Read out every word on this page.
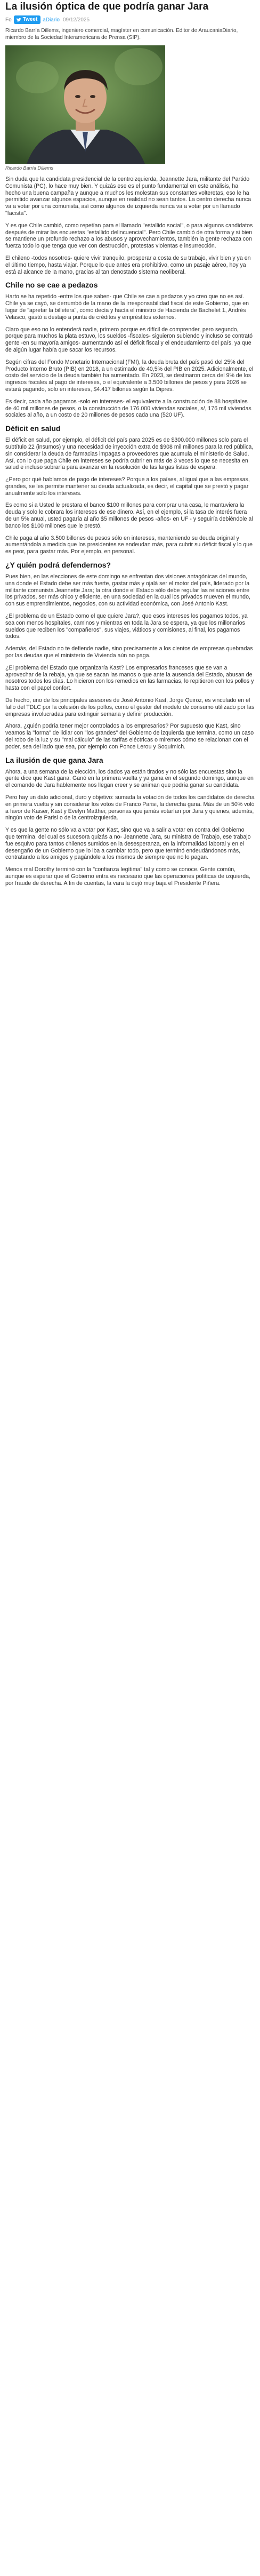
La ilusión óptica de que podría ganar Jara
Fo Tweet aDiario 09/12/2025

Ricardo Barría Dillems, ingeniero comercial, magíster en comunicación. Editor de AraucaniaDiario, miembro de la Sociedad Interamericana de Prensa (SIP).

Ricardo Barría Dillems

Sin duda que la candidata presidencial de la centroizquierda, Jeannette Jara, militante del Partido Comunista (PC), lo hace muy bien. Y quizás ese es el punto fundamental en este análisis, ha hecho una buena campaña y aunque a muchos les molestan sus constantes volteretas, eso le ha permitido avanzar algunos espacios, aunque en realidad no sean tantos. La centro derecha nunca va a votar por una comunista, así como algunos de izquierda nunca va a votar por un llamado "facista".

Y es que Chile cambió, como repetían para el llamado "estallido social", o para algunos candidatos después de mirar las encuestas "estallido delincuencial". Pero Chile cambió de otra forma y si bien se mantiene un profundo rechazo a los abusos y aprovechamientos, también la gente rechaza con fuerza todo lo que tenga que ver con destrucción, protestas violentas e insurrección.

El chileno -todos nosotros- quiere vivir tranquilo, prosperar a costa de su trabajo, vivir bien y ya en el último tiempo, hasta viajar. Porque lo que antes era prohibitivo, como un pasaje aéreo, hoy ya está al alcance de la mano, gracias al tan denostado sistema neoliberal.

Chile no se cae a pedazos

Harto se ha repetido -entre los que saben- que Chile se cae a pedazos y yo creo que no es así. Chile ya se cayó, se derrumbó de la mano de la irresponsabilidad fiscal de este Gobierno, que en lugar de "apretar la billetera", como decía y hacía el ministro de Hacienda de Bachelet 1, Andrés Velasco, gastó a destajo a punta de créditos y empréstitos externos.

Claro que eso no lo entenderá nadie, primero porque es difícil de comprender, pero segundo, porque para muchos la plata estuvo, los sueldos -fiscales- siguieron subiendo y incluso se contrató gente -en su mayoría amigos- aumentando así el déficit fiscal y el endeudamiento del país, ya que de algún lugar había que sacar los recursos.

Según cifras del Fondo Monetario Internacional (FMI), la deuda bruta del país pasó del 25% del Producto Interno Bruto (PIB) en 2018, a un estimado de 40,5% del PIB en 2025. Adicionalmente, el costo del servicio de la deuda también ha aumentado. En 2023, se destinaron cerca del 9% de los ingresos fiscales al pago de intereses, o el equivalente a 3.500 billones de pesos y para 2026 se estará pagando, solo en intereses, $4.417 billones según la Dipres.

Es decir, cada año pagamos -solo en intereses- el equivalente a la construcción de 88 hospitales de 40 mil millones de pesos, o la construcción de 176.000 viviendas sociales, s/, 176 mil viviendas sociales al año, a un costo de 20 millones de pesos cada una (520 UF).

Déficit en salud

El déficit en salud, por ejemplo, el déficit del país para 2025 es de $300.000 millones solo para el subtítulo 22 (insumos) y una necesidad de inyección extra de $908 mil millones para la red pública, sin considerar la deuda de farmacias impagas a proveedores que acumula el ministerio de Salud. Así, con lo que paga Chile en intereses se podría cubrir en más de 3 veces lo que se necesita en salud e incluso sobraría para avanzar en la resolución de las largas listas de espera.

¿Pero por qué hablamos de pago de intereses? Porque a los países, al igual que a las empresas, grandes, se les permite mantener su deuda actualizada, es decir, el capital que se prestó y pagar anualmente solo los intereses.

Es como si a Usted le prestara el banco $100 millones para comprar una casa, le mantuviera la deuda y solo le cobrara los intereses de ese dinero. Así, en el ejemplo, si la tasa de interés fuera de un 5% anual, usted pagaría al año $5 millones de pesos -años- en UF - y seguiría debiéndole al banco los $100 millones que le prestó.

Chile paga al año 3.500 billones de pesos sólo en intereses, manteniendo su deuda original y aumentándola a medida que los presidentes se endeudan más, para cubrir su déficit fiscal y lo que es peor, para gastar más. Por ejemplo, en personal.

¿Y quién podrá defendernos?

Pues bien, en las elecciones de este domingo se enfrentan dos visiones antagónicas del mundo, una donde el Estado debe ser más fuerte, gastar más y ojalá ser el motor del país, liderado por la militante comunista Jeannette Jara; la otra donde el Estado sólo debe regular las relaciones entre los privados, ser más chico y eficiente, en una sociedad en la cual los privados mueven el mundo, con sus emprendimientos, negocios, con su actividad económica, con José Antonio Kast.

¿El problema de un Estado como el que quiere Jara?, que esos intereses los pagamos todos, ya sea con menos hospitales, caminos y mientras en toda la Jara se espera, ya que los millonarios sueldos que reciben los "compañeros", sus viajes, viáticos y comisiones, al final, los pagamos todos.

Además, del Estado no te defiende nadie, sino precisamente a los cientos de empresas quebradas por las deudas que el ministerio de Vivienda aún no paga.

¿El problema del Estado que organizaría Kast? Los empresarios franceses que se van a aprovechar de la rebaja, ya que se sacan las manos o que ante la ausencia del Estado, abusan de nosotros todos los días. Lo hicieron con los remedios en las farmacias, lo repitieron con los pollos y hasta con el papel confort.

De hecho, uno de los principales asesores de José Antonio Kast, Jorge Quiroz, es vinculado en el fallo del TDLC por la colusión de los pollos, como el gestor del modelo de consumo utilizado por las empresas involucradas para extinguir semana y definir producción.

Ahora, ¿quién podría tener mejor controlados a los empresarios? Por supuesto que Kast, sino veamos la "forma" de lidiar con "los grandes" del Gobierno de izquierda que termina, como un caso del robo de la luz y su "mal cálculo" de las tarifas eléctricas o miremos cómo se relacionan con el poder, sea del lado que sea, por ejemplo con Ponce Lerou y Soquimich.

La ilusión de que gana Jara

Ahora, a una semana de la elección, los dados ya están tirados y no sólo las encuestas sino la gente dice que Kast gana. Ganó en la primera vuelta y ya gana en el segundo domingo, aunque en el comando de Jara hablemente nos llegan creer y se animan que podría ganar su candidata.

Pero hay un dato adicional, duro y objetivo: sumada la votación de todos los candidatos de derecha en primera vuelta y sin considerar los votos de Franco Parisi, la derecha gana. Más de un 50% voló a favor de Kaiser, Kast y Evelyn Matthei; personas que jamás votarían por Jara y quienes, además, ningún voto de Parisi o de la centroizquierda.

Y es que la gente no sólo va a votar por Kast, sino que va a salir a votar en contra del Gobierno que termina, del cual es sucesora quizás a no- Jeannette Jara, su ministra de Trabajo, ese trabajo fue esquivo para tantos chilenos sumidos en la desesperanza, en la informalidad laboral y en el desengaño de un Gobierno que lo iba a cambiar todo, pero que terminó endeudándonos más, contratando a los amigos y pagándole a los mismos de siempre que no lo pagan.

Menos mal Dorothy terminó con la "confianza legítima" tal y como se conoce. Gente común, aunque es esperar que el Gobierno entra es necesario que las operaciones políticas de izquierda, por fraude de derecha. A fin de cuentas, la vara la dejó muy baja el Presidente Piñera.
